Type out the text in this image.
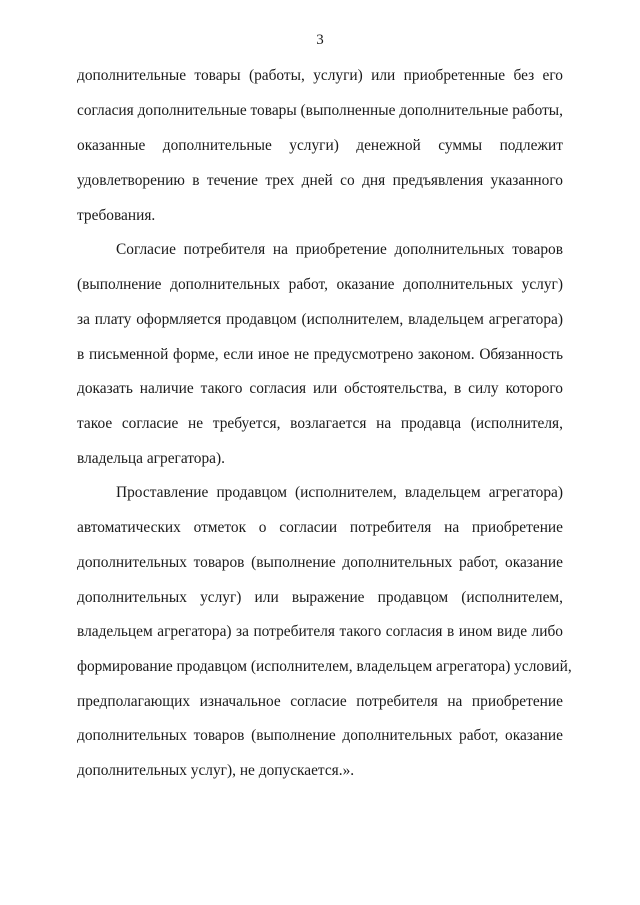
3
дополнительные товары (работы, услуги) или приобретенные без его
согласия дополнительные товары (выполненные дополнительные работы,
оказанные дополнительные услуги) денежной суммы подлежит
удовлетворению в течение трех дней со дня предъявления указанного
требования.
Согласие потребителя на приобретение дополнительных товаров
(выполнение дополнительных работ, оказание дополнительных услуг)
за плату оформляется продавцом (исполнителем, владельцем агрегатора)
в письменной форме, если иное не предусмотрено законом. Обязанность
доказать наличие такого согласия или обстоятельства, в силу которого
такое согласие не требуется, возлагается на продавца (исполнителя,
владельца агрегатора).
Проставление продавцом (исполнителем, владельцем агрегатора)
автоматических отметок о согласии потребителя на приобретение
дополнительных товаров (выполнение дополнительных работ, оказание
дополнительных услуг) или выражение продавцом (исполнителем,
владельцем агрегатора) за потребителя такого согласия в ином виде либо
формирование продавцом (исполнителем, владельцем агрегатора) условий,
предполагающих изначальное согласие потребителя на приобретение
дополнительных товаров (выполнение дополнительных работ, оказание
дополнительных услуг), не допускается.».
